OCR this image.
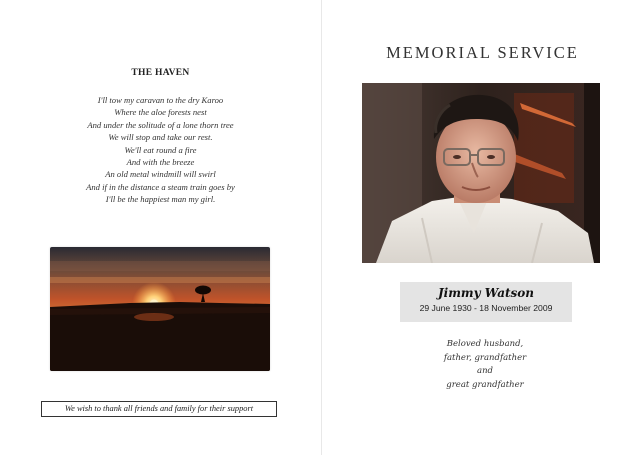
THE HAVEN
I'll tow my caravan to the dry Karoo
Where the aloe forests nest
And under the solitude of a lone thorn tree
We will stop and take our rest.
We'll eat round a fire
And with the breeze
An old metal windmill will swirl
And if in the distance a steam train goes by
I'll be the happiest man my girl.
We wish to thank all friends and family for their support
MEMORIAL SERVICE
Jimmy Watson
29 June 1930 - 18 November 2009
Beloved husband,
father, grandfather
and
great grandfather
